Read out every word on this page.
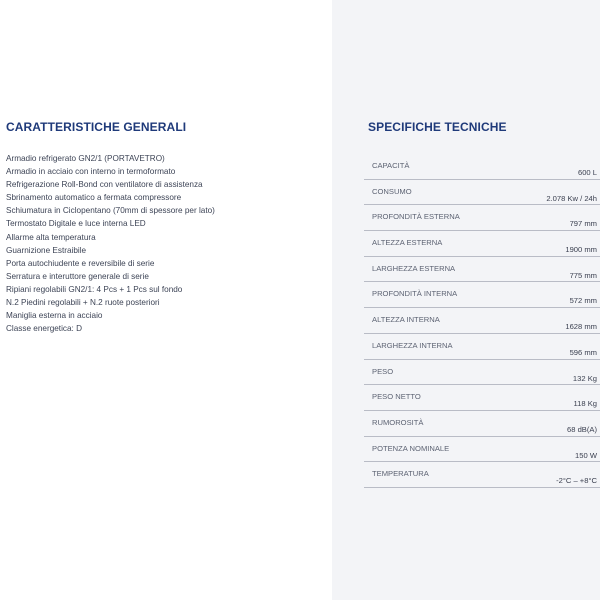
CARATTERISTICHE GENERALI
Armadio refrigerato GN2/1 (PORTAVETRO)
Armadio in acciaio con interno in termoformato
Refrigerazione Roll-Bond con ventilatore di assistenza
Sbrinamento automatico a fermata compressore
Schiumatura in Ciclopentano (70mm di spessore per lato)
Termostato Digitale e luce interna LED
Allarme alta temperatura
Guarnizione Estraibile
Porta autochiudente e reversibile di serie
Serratura e interuttore generale di serie
Ripiani regolabili GN2/1: 4 Pcs + 1 Pcs sul fondo
N.2 Piedini regolabili + N.2 ruote posteriori
Maniglia esterna in acciaio
Classe energetica: D
SPECIFICHE TECNICHE
CAPACITÀ
600 L
CONSUMO
2.078 Kw / 24h
PROFONDITÀ ESTERNA
797 mm
ALTEZZA ESTERNA
1900 mm
LARGHEZZA ESTERNA
775 mm
PROFONDITÀ INTERNA
572 mm
ALTEZZA INTERNA
1628 mm
LARGHEZZA INTERNA
596 mm
PESO
132 Kg
PESO NETTO
118 Kg
RUMOROSITÀ
68 dB(A)
POTENZA NOMINALE
150 W
TEMPERATURA
-2°C – +8°C
